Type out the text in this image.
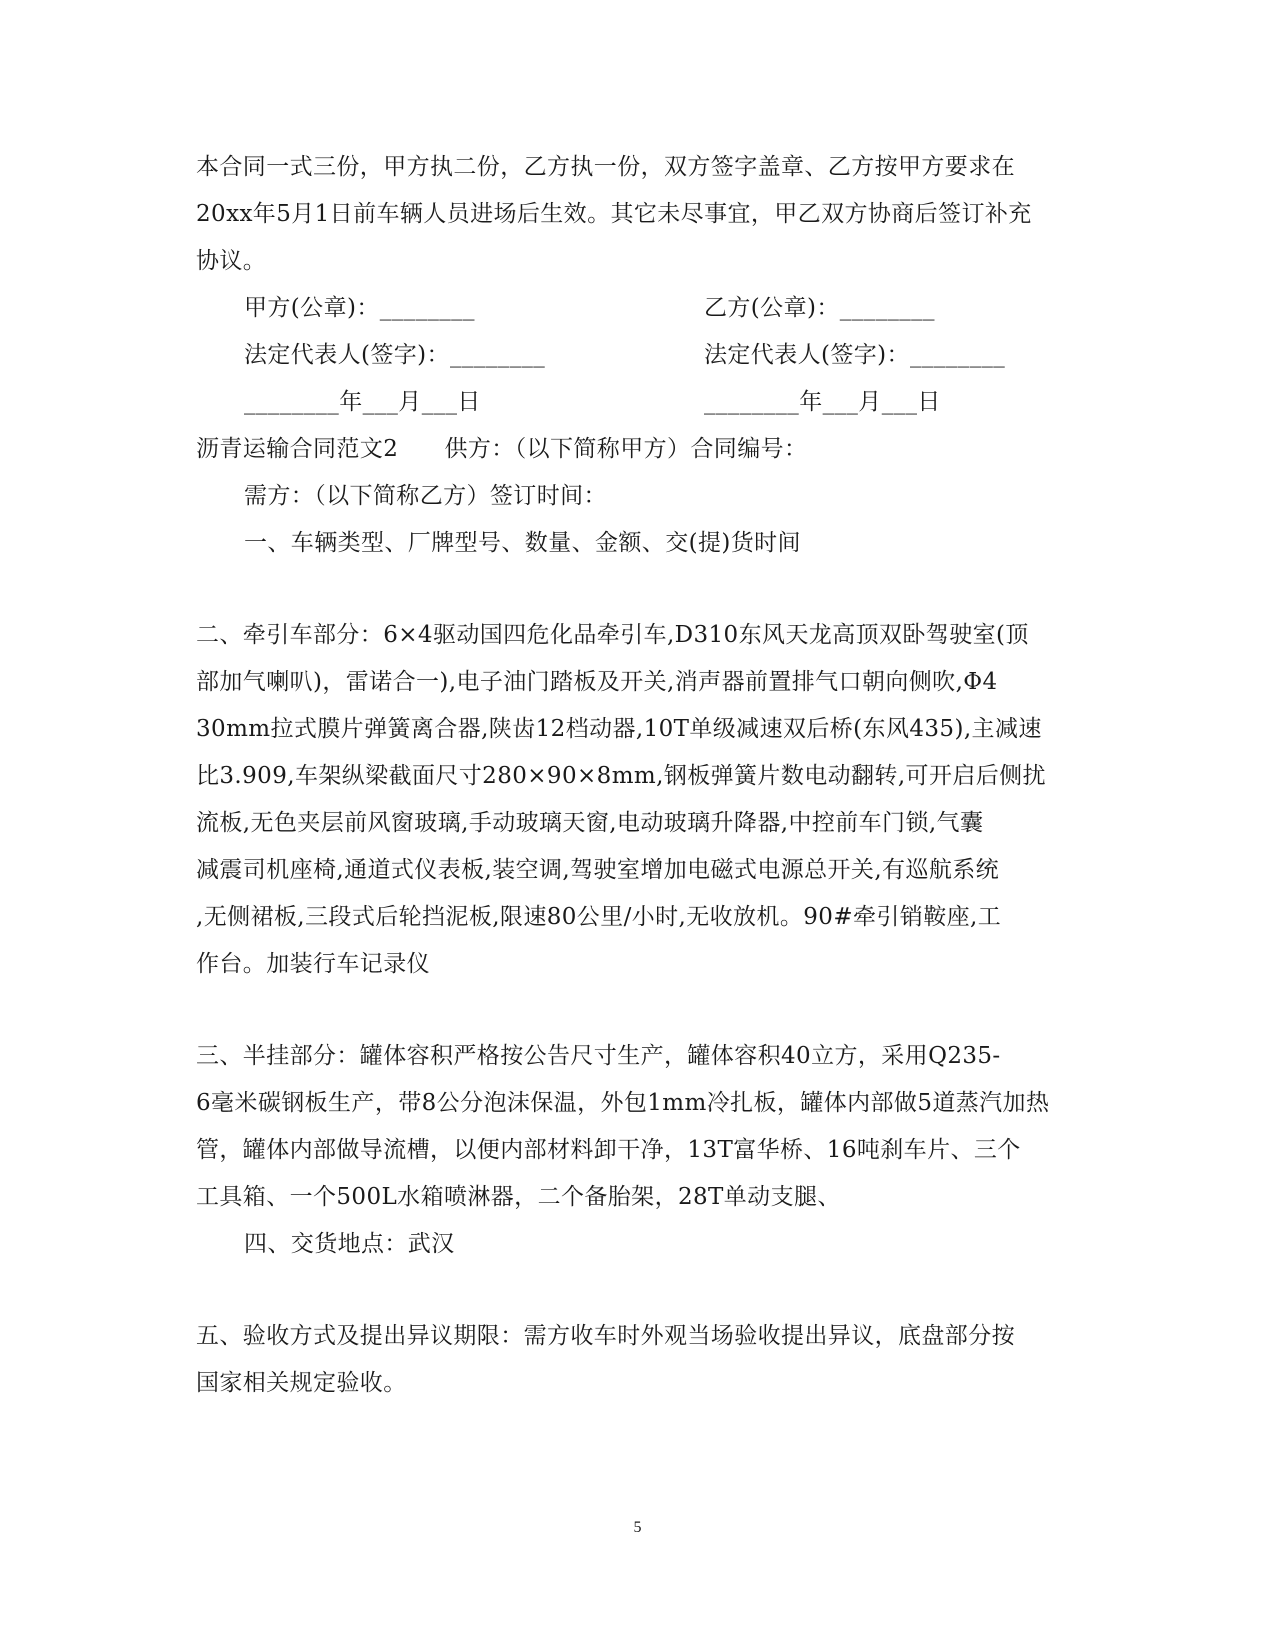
本合同一式三份，甲方执二份，乙方执一份，双方签字盖章、乙方按甲方要求在
20xx年5月1日前车辆人员进场后生效。其它未尽事宜，甲乙双方协商后签订补充
协议。
甲方(公章)：________	乙方(公章)：________
法定代表人(签字)：________	法定代表人(签字)：________
________年___月___日	________年___月___日
沥青运输合同范文2      供方：（以下简称甲方）合同编号：
需方：（以下简称乙方）签订时间：
一、车辆类型、厂牌型号、数量、金额、交(提)货时间
二、牵引车部分：6×4驱动国四危化品牵引车,D310东风天龙高顶双卧驾驶室(顶
部加气喇叭)，雷诺合一),电子油门踏板及开关,消声器前置排气口朝向侧吹,Φ4
30mm拉式膜片弹簧离合器,陕齿12档动器,10T单级减速双后桥(东风435),主减速
比3.909,车架纵梁截面尺寸280×90×8mm,钢板弹簧片数电动翻转,可开启后侧扰
流板,无色夹层前风窗玻璃,手动玻璃天窗,电动玻璃升降器,中控前车门锁,气囊
减震司机座椅,通道式仪表板,装空调,驾驶室增加电磁式电源总开关,有巡航系统
,无侧裙板,三段式后轮挡泥板,限速80公里/小时,无收放机。90#牵引销鞍座,工
作台。加装行车记录仪
三、半挂部分：罐体容积严格按公告尺寸生产，罐体容积40立方，采用Q235-
6毫米碳钢板生产，带8公分泡沫保温，外包1mm冷扎板，罐体内部做5道蒸汽加热
管，罐体内部做导流槽，以便内部材料卸干净，13T富华桥、16吨刹车片、三个
工具箱、一个500L水箱喷淋器，二个备胎架，28T单动支腿、
四、交货地点：武汉
五、验收方式及提出异议期限：需方收车时外观当场验收提出异议，底盘部分按
国家相关规定验收。
5
